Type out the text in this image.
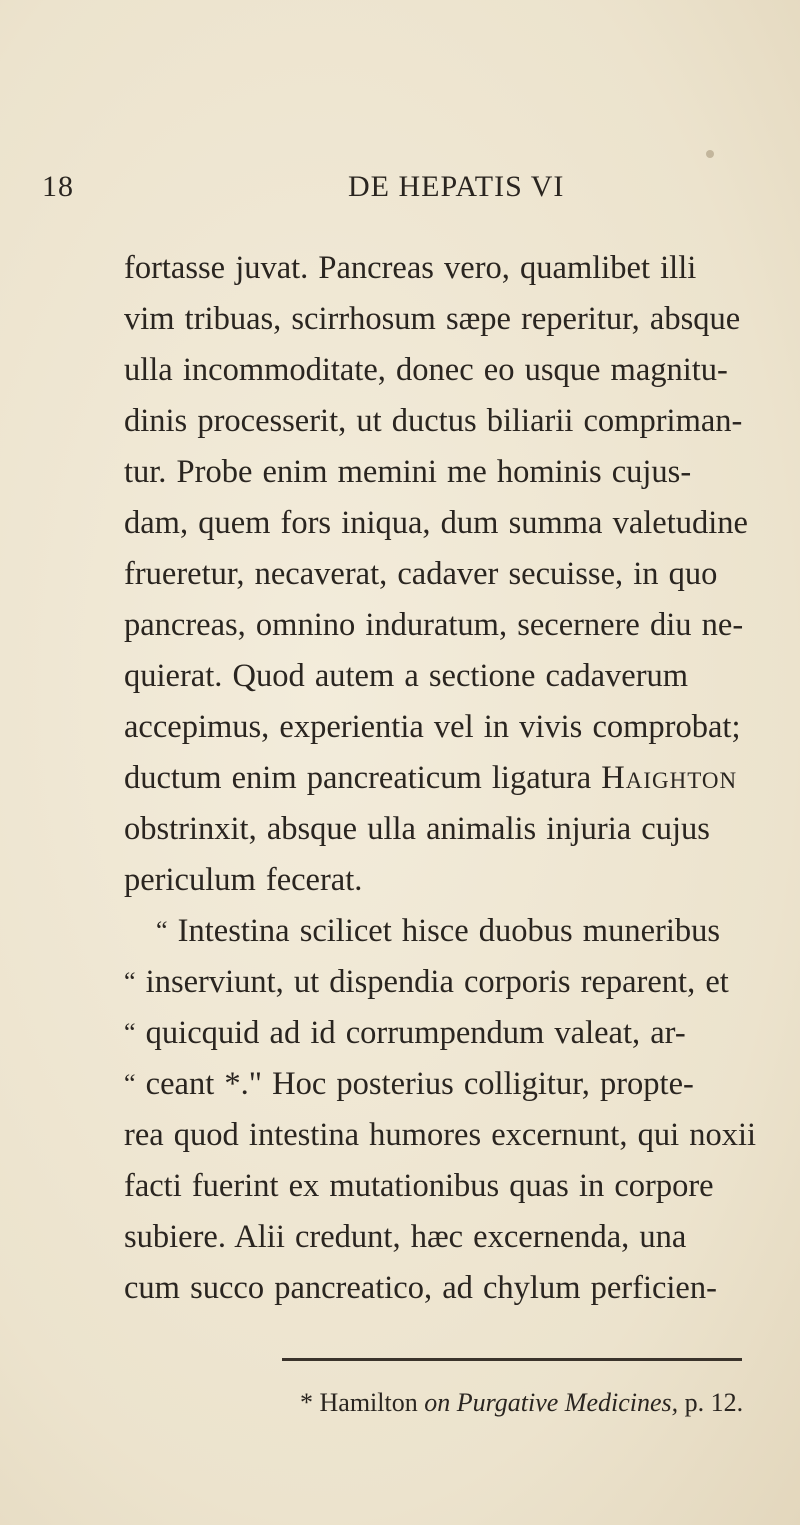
18	DE HEPATIS VI
fortasse juvat. Pancreas vero, quamlibet illi
vim tribuas, scirrhosum sæpe reperitur, absque
ulla incommoditate, donec eo usque magnitu-
dinis processerit, ut ductus biliarii compriman-
tur. Probe enim memini me hominis cujus-
dam, quem fors iniqua, dum summa valetudine
frueretur, necaverat, cadaver secuisse, in quo
pancreas, omnino induratum, secernere diu ne-
quierat. Quod autem a sectione cadaverum
accepimus, experientia vel in vivis comprobat;
ductum enim pancreaticum ligatura Haighton
obstrinxit, absque ulla animalis injuria cujus
periculum fecerat.
“ Intestina scilicet hisce duobus muneribus
“ inserviunt, ut dispendia corporis reparent, et
“ quicquid ad id corrumpendum valeat, ar-
“ ceant *." Hoc posterius colligitur, propte-
rea quod intestina humores excernunt, qui noxii
facti fuerint ex mutationibus quas in corpore
subiere. Alii credunt, hæc excernenda, una
cum succo pancreatico, ad chylum perficien-
* Hamilton on Purgative Medicines, p. 12.
